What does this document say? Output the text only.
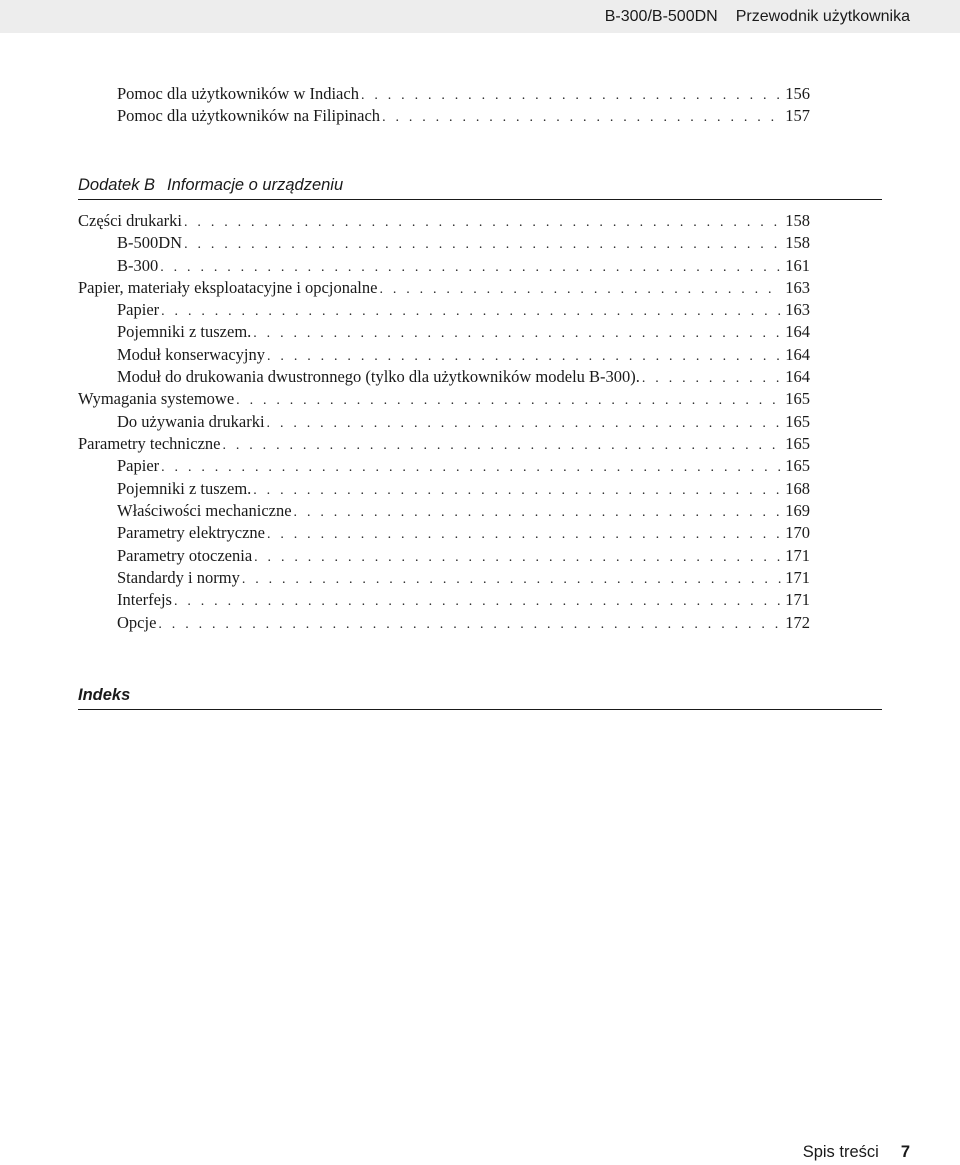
B-300/B-500DN Przewodnik użytkownika
Pomoc dla użytkowników w Indiach . . .	156
Pomoc dla użytkowników na Filipinach . . .	157
Dodatek B Informacje o urządzeniu
Części drukarki . . .	158
B-500DN . . .	158
B-300 . . .	161
Papier, materiały eksploatacyjne i opcjonalne . . .	163
Papier . . .	163
Pojemniki z tuszem. . . .	164
Moduł konserwacyjny . . .	164
Moduł do drukowania dwustronnego (tylko dla użytkowników modelu B-300). . . .	164
Wymagania systemowe . . .	165
Do używania drukarki . . .	165
Parametry techniczne . . .	165
Papier . . .	165
Pojemniki z tuszem. . . .	168
Właściwości mechaniczne . . .	169
Parametry elektryczne . . .	170
Parametry otoczenia . . .	171
Standardy i normy . . .	171
Interfejs . . .	171
Opcje . . .	172
Indeks
Spis treści 7
